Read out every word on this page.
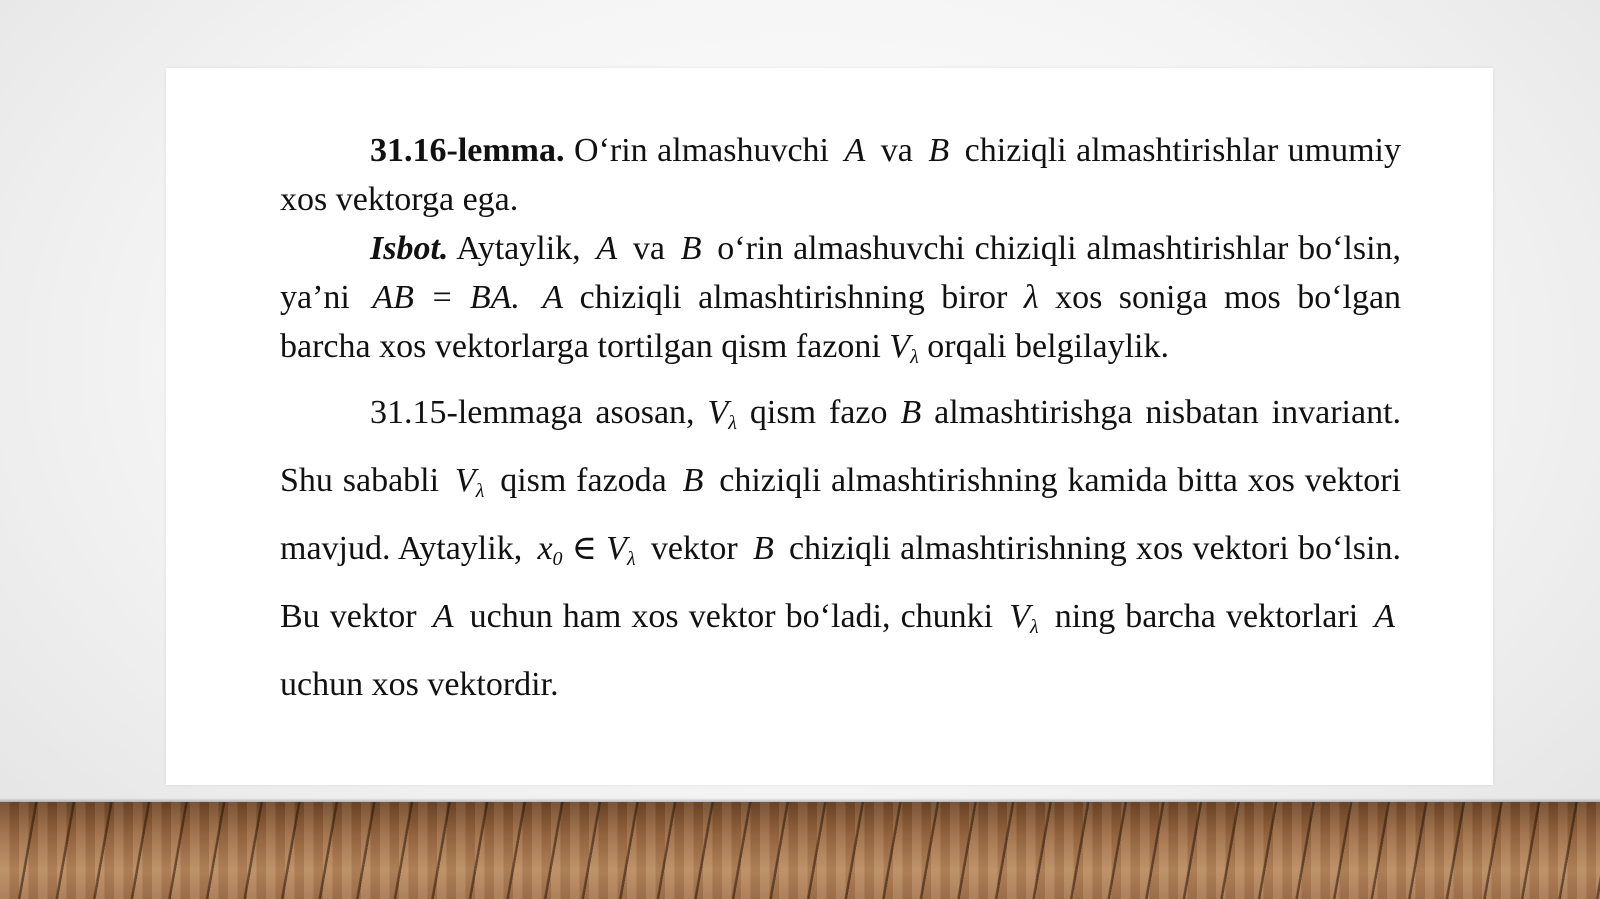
31.16-lemma. O‘rin almashuvchi A va B chiziqli almashtirishlar umumiy xos vektorga ega.

Isbot. Aytaylik, A va B o‘rin almashuvchi chiziqli almashtirishlar bo‘lsin, ya’ni AB = BA. A chiziqli almashtirishning biror λ xos soniga mos bo‘lgan barcha xos vektorlarga tortilgan qism fazoni $V_\lambda$ orqali belgilaylik.

31.15-lemmaga asosan, $V_\lambda$ qism fazo B almashtirishga nisbatan invariant. Shu sababli $V_\lambda$ qism fazoda B chiziqli almashtirishning kamida bitta xos vektori mavjud. Aytaylik, $x_0$ ∈ $V_\lambda$ vektor B chiziqli almashtirishning xos vektori bo‘lsin. Bu vektor A uchun ham xos vektor bo‘ladi, chunki $V_\lambda$ ning barcha vektorlari A uchun xos vektordir.
